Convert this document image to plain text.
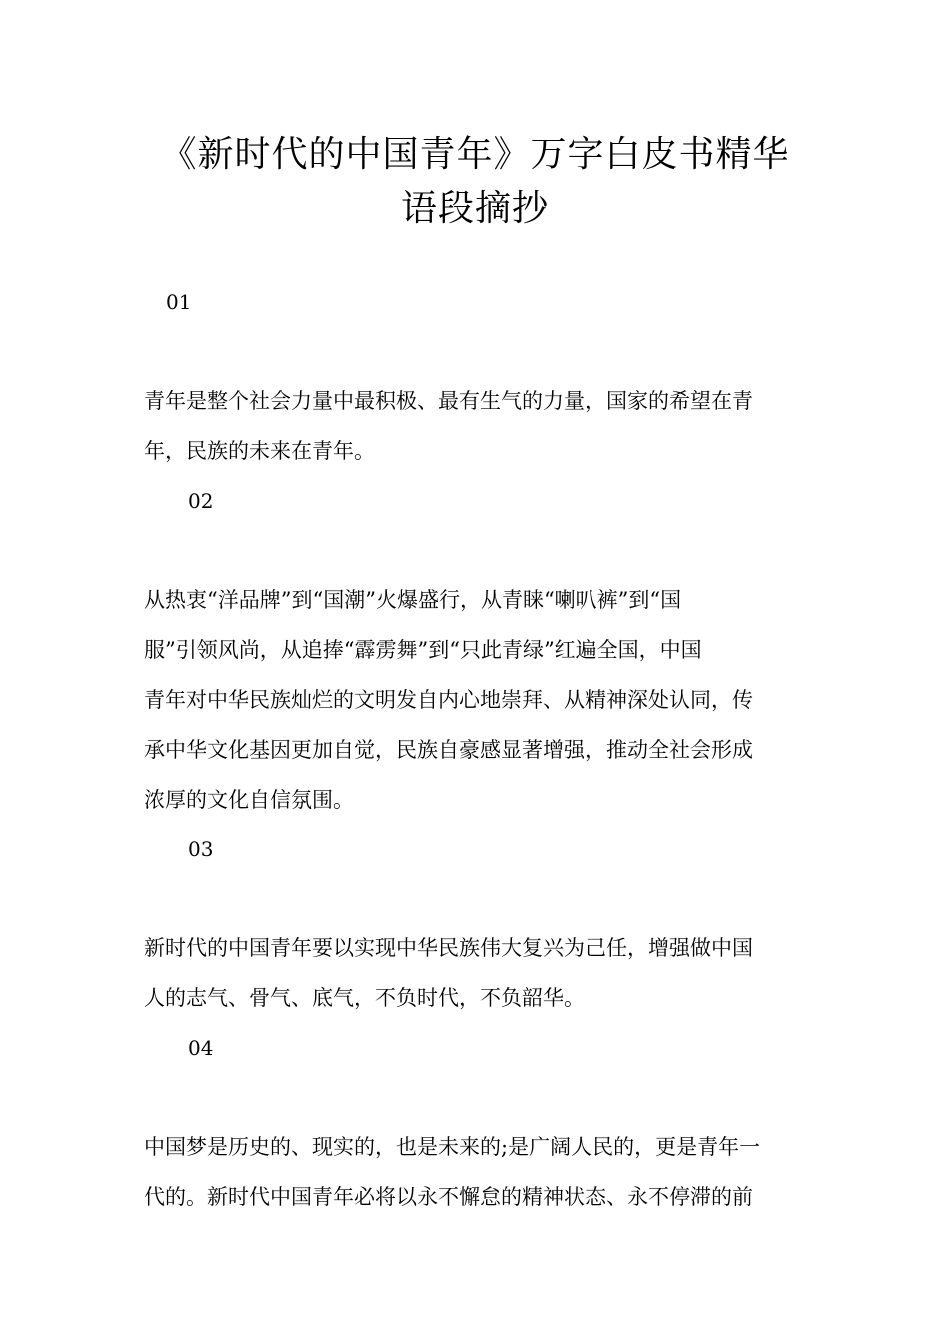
《新时代的中国青年》万字白皮书精华
语段摘抄
01
青年是整个社会力量中最积极、最有生气的力量，国家的希望在青
年，民族的未来在青年。
02
从热衷“洋品牌”到“国潮”火爆盛行，从青睐“喇叭裤”到“国
服”引领风尚，从追捧“霹雳舞”到“只此青绿”红遍全国，中国
青年对中华民族灿烂的文明发自内心地崇拜、从精神深处认同，传
承中华文化基因更加自觉，民族自豪感显著增强，推动全社会形成
浓厚的文化自信氛围。
03
新时代的中国青年要以实现中华民族伟大复兴为己任，增强做中国
人的志气、骨气、底气，不负时代，不负韶华。
04
中国梦是历史的、现实的，也是未来的;是广阔人民的，更是青年一
代的。新时代中国青年必将以永不懈怠的精神状态、永不停滞的前
